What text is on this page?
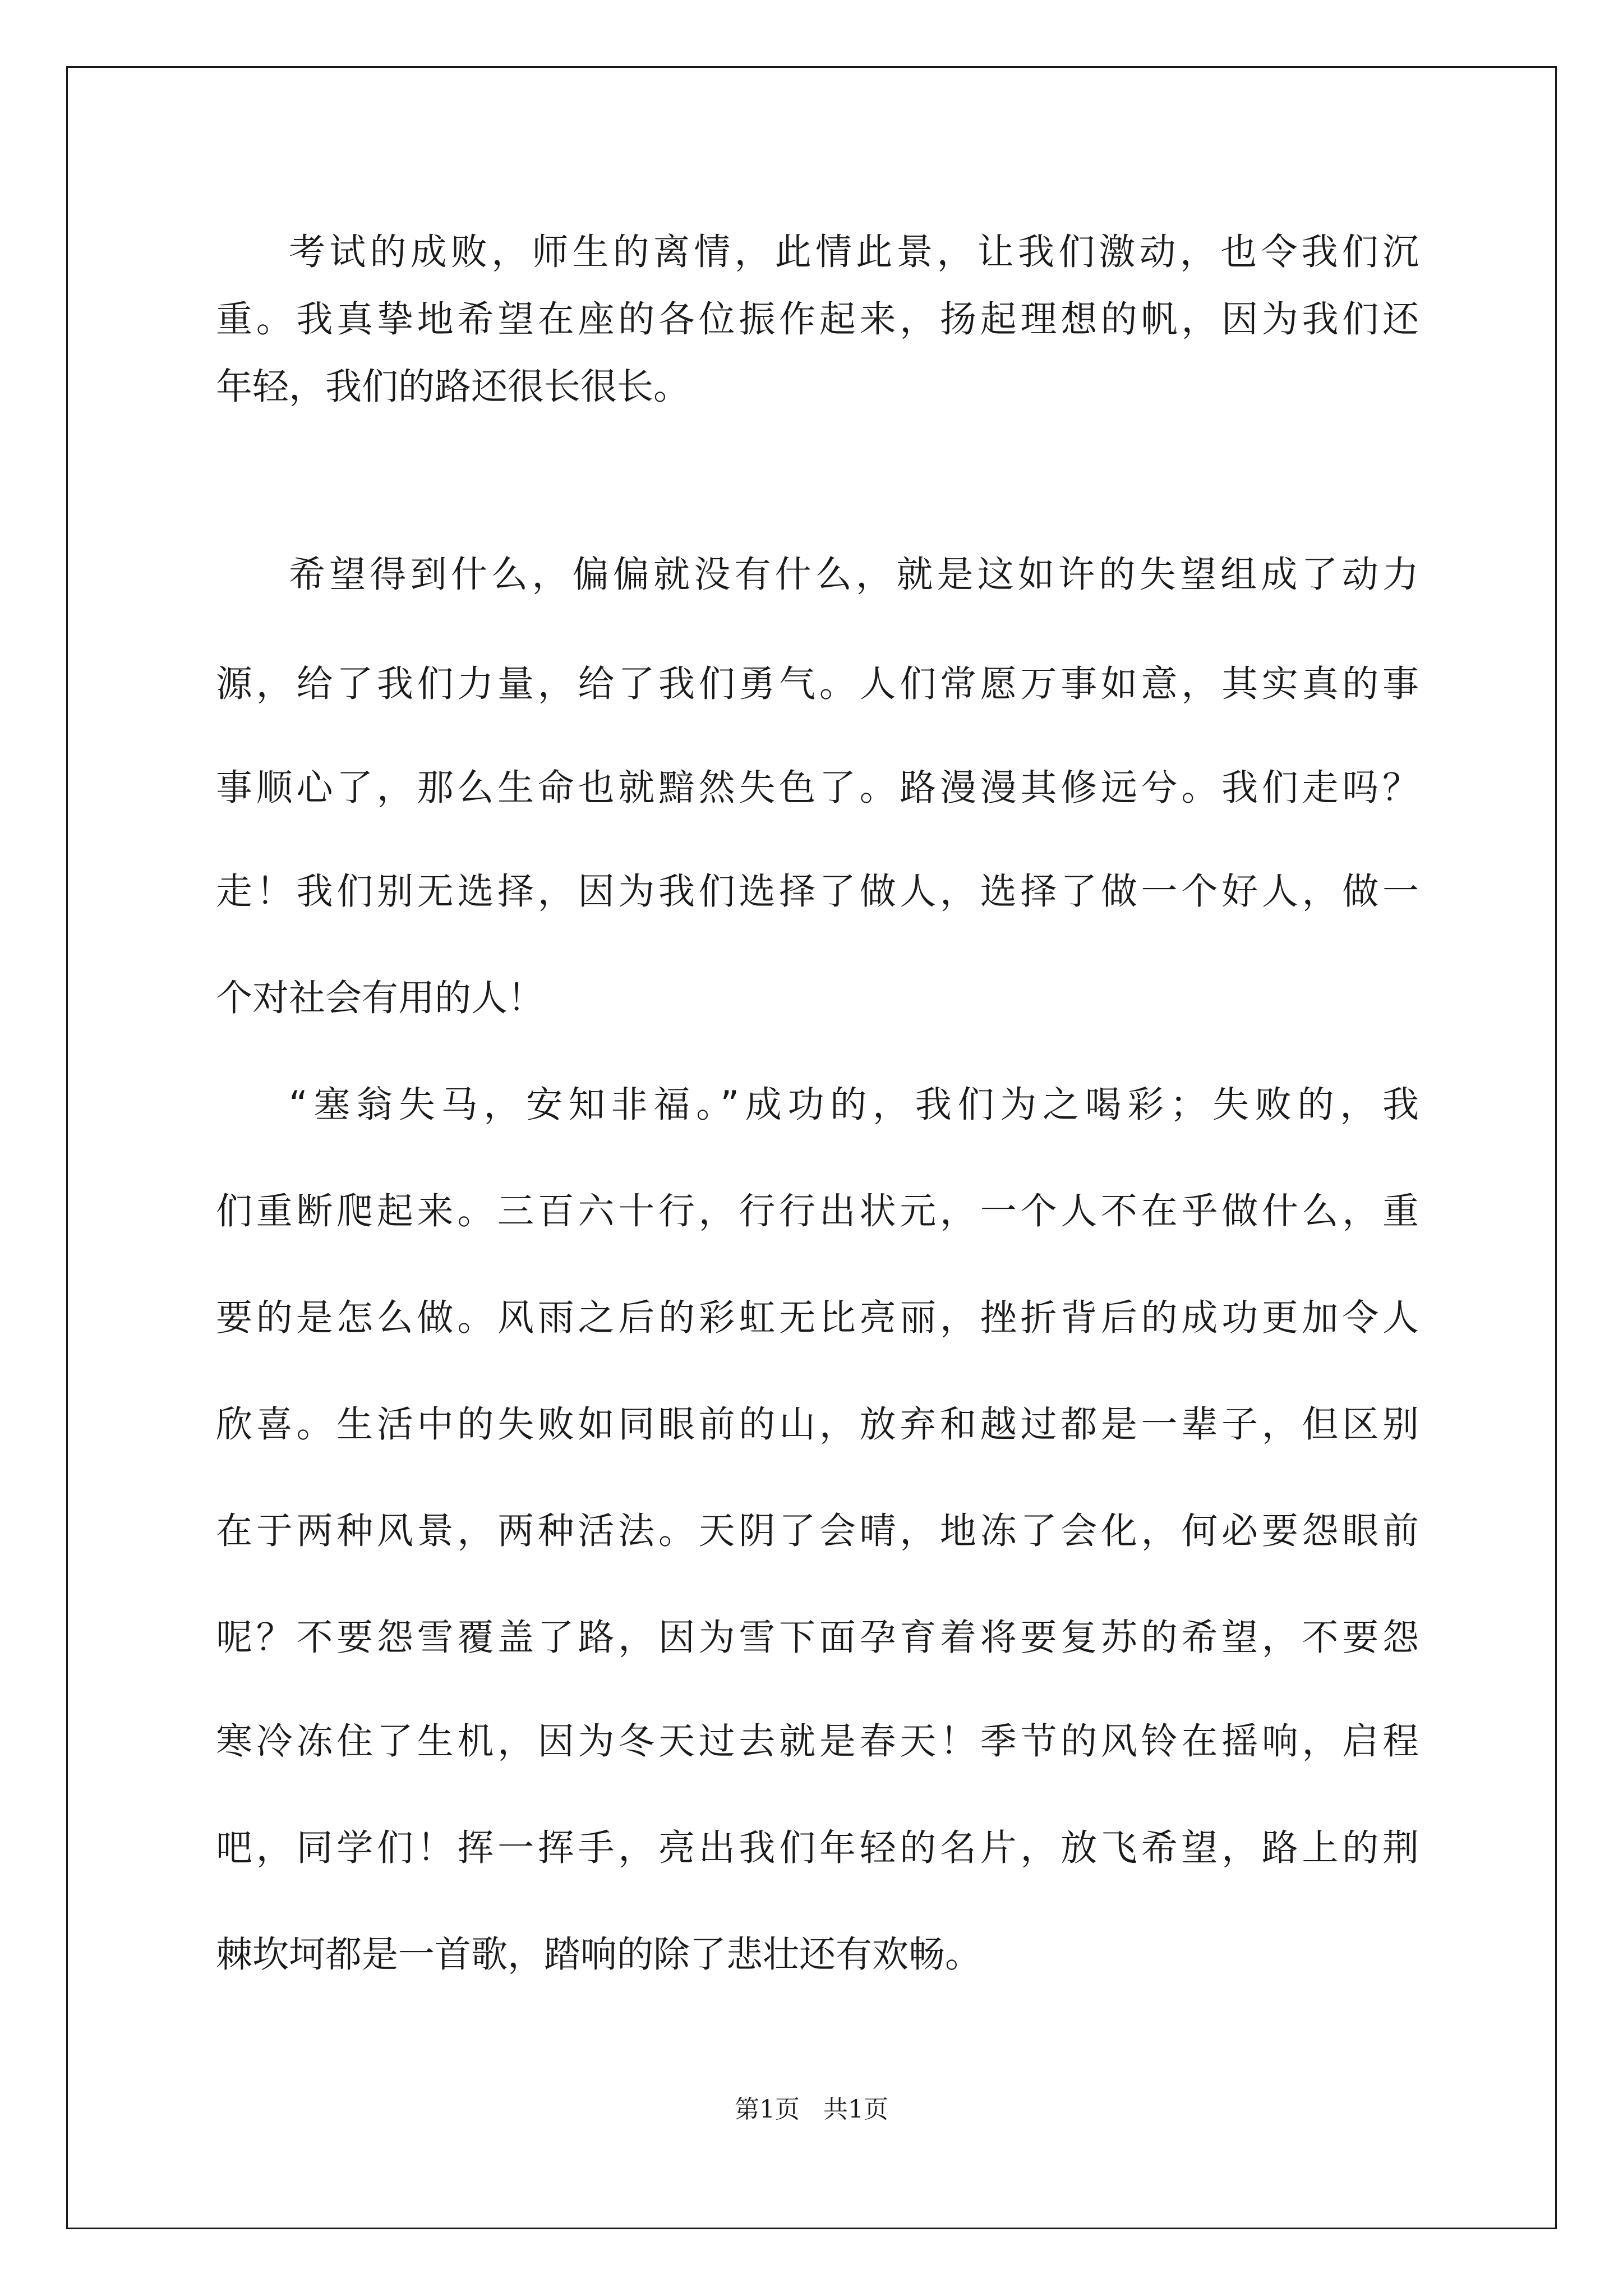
考试的成败，师生的离情，此情此景，让我们激动，也令我们沉
重。我真挚地希望在座的各位振作起来，扬起理想的帆，因为我们还
年轻，我们的路还很长很长。
希望得到什么，偏偏就没有什么，就是这如许的失望组成了动力
源，给了我们力量，给了我们勇气。人们常愿万事如意，其实真的事
事顺心了，那么生命也就黯然失色了。路漫漫其修远兮。我们走吗？
走！我们别无选择，因为我们选择了做人，选择了做一个好人，做一
个对社会有用的人！
“塞翁失马，安知非福。”成功的，我们为之喝彩；失败的，我
们重断爬起来。三百六十行，行行出状元，一个人不在乎做什么，重
要的是怎么做。风雨之后的彩虹无比亮丽，挫折背后的成功更加令人
欣喜。生活中的失败如同眼前的山，放弃和越过都是一辈子，但区别
在于两种风景，两种活法。天阴了会晴，地冻了会化，何必要怨眼前
呢？不要怨雪覆盖了路，因为雪下面孕育着将要复苏的希望，不要怨
寒冷冻住了生机，因为冬天过去就是春天！季节的风铃在摇响，启程
吧，同学们！挥一挥手，亮出我们年轻的名片，放飞希望，路上的荆
棘坎坷都是一首歌，踏响的除了悲壮还有欢畅。
第1页 共1页
